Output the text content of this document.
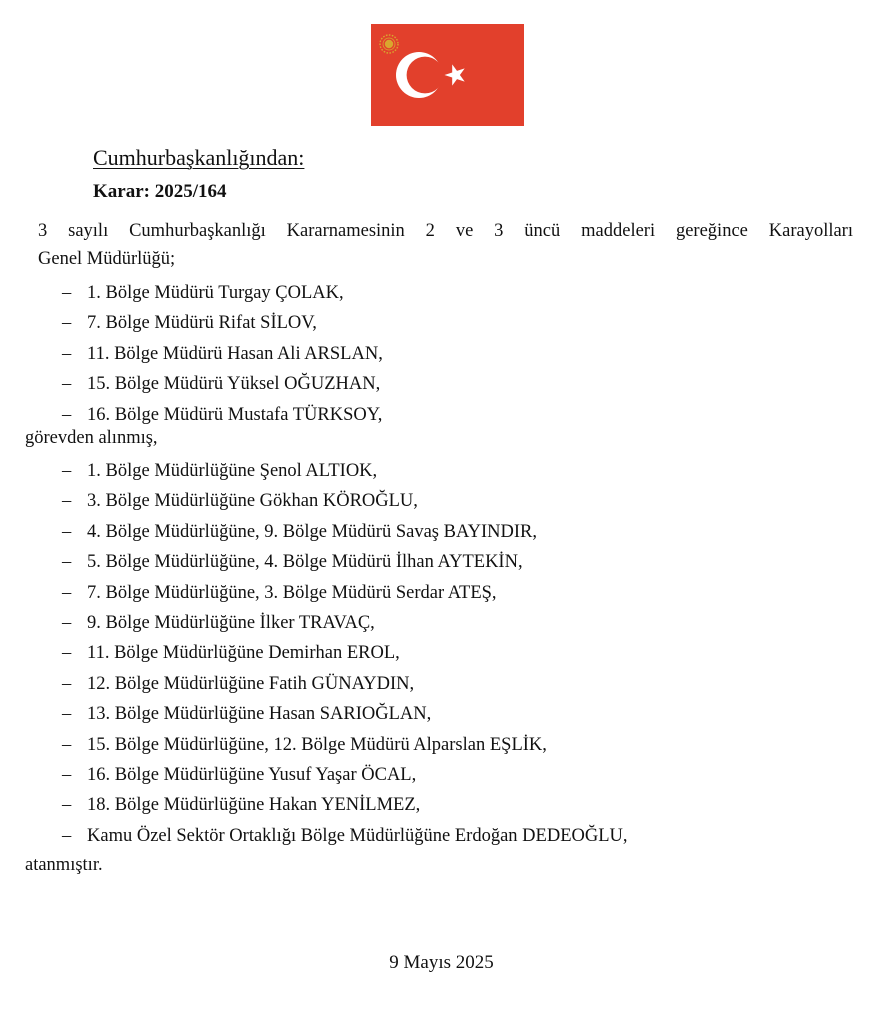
Cumhurbaşkanlığından:
Karar: 2025/164
3 sayılı Cumhurbaşkanlığı Kararnamesinin 2 ve 3 üncü maddeleri gereğince Karayolları
Genel Müdürlüğü;
– 1. Bölge Müdürü Turgay ÇOLAK,
– 7. Bölge Müdürü Rifat SİLOV,
– 11. Bölge Müdürü Hasan Ali ARSLAN,
– 15. Bölge Müdürü Yüksel OĞUZHAN,
– 16. Bölge Müdürü Mustafa TÜRKSOY,
görevden alınmış,
– 1. Bölge Müdürlüğüne Şenol ALTIOK,
– 3. Bölge Müdürlüğüne Gökhan KÖROĞLU,
– 4. Bölge Müdürlüğüne, 9. Bölge Müdürü Savaş BAYINDIR,
– 5. Bölge Müdürlüğüne, 4. Bölge Müdürü İlhan AYTEKİN,
– 7. Bölge Müdürlüğüne, 3. Bölge Müdürü Serdar ATEŞ,
– 9. Bölge Müdürlüğüne İlker TRAVAÇ,
– 11. Bölge Müdürlüğüne Demirhan EROL,
– 12. Bölge Müdürlüğüne Fatih GÜNAYDIN,
– 13. Bölge Müdürlüğüne Hasan SARIOĞLAN,
– 15. Bölge Müdürlüğüne, 12. Bölge Müdürü Alparslan EŞLİK,
– 16. Bölge Müdürlüğüne Yusuf Yaşar ÖCAL,
– 18. Bölge Müdürlüğüne Hakan YENİLMEZ,
– Kamu Özel Sektör Ortaklığı Bölge Müdürlüğüne Erdoğan DEDEOĞLU,
atanmıştır.
9 Mayıs 2025
